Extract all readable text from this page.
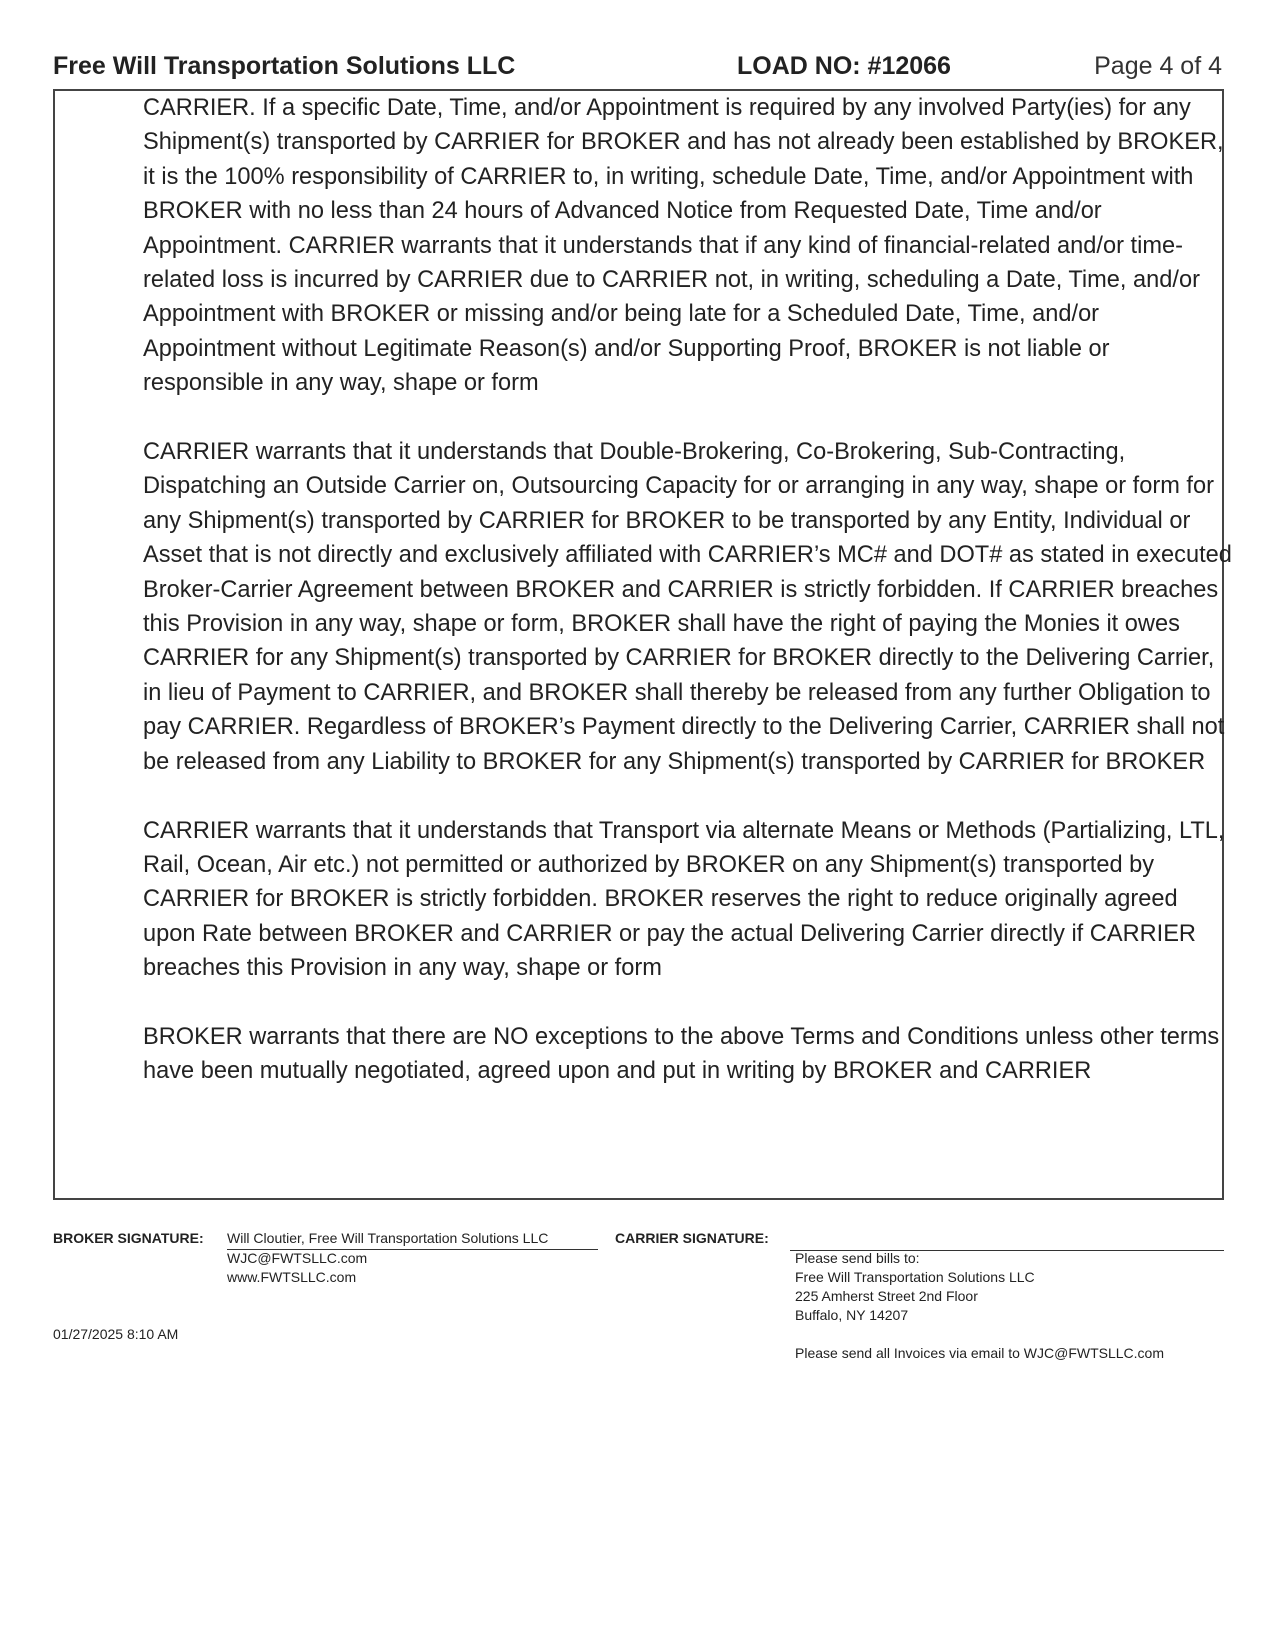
Free Will Transportation Solutions LLC	LOAD NO: #12066	Page 4 of 4

CARRIER. If a specific Date, Time, and/or Appointment is required by any involved Party(ies) for any Shipment(s) transported by CARRIER for BROKER and has not already been established by BROKER, it is the 100% responsibility of CARRIER to, in writing, schedule Date, Time, and/or Appointment with BROKER with no less than 24 hours of Advanced Notice from Requested Date, Time and/or Appointment. CARRIER warrants that it understands that if any kind of financial-related and/or time-related loss is incurred by CARRIER due to CARRIER not, in writing, scheduling a Date, Time, and/or Appointment with BROKER or missing and/or being late for a Scheduled Date, Time, and/or Appointment without Legitimate Reason(s) and/or Supporting Proof, BROKER is not liable or responsible in any way, shape or form

CARRIER warrants that it understands that Double-Brokering, Co-Brokering, Sub-Contracting, Dispatching an Outside Carrier on, Outsourcing Capacity for or arranging in any way, shape or form for any Shipment(s) transported by CARRIER for BROKER to be transported by any Entity, Individual or Asset that is not directly and exclusively affiliated with CARRIER’s MC# and DOT# as stated in executed Broker-Carrier Agreement between BROKER and CARRIER is strictly forbidden. If CARRIER breaches this Provision in any way, shape or form, BROKER shall have the right of paying the Monies it owes CARRIER for any Shipment(s) transported by CARRIER for BROKER directly to the Delivering Carrier, in lieu of Payment to CARRIER, and BROKER shall thereby be released from any further Obligation to pay CARRIER. Regardless of BROKER’s Payment directly to the Delivering Carrier, CARRIER shall not be released from any Liability to BROKER for any Shipment(s) transported by CARRIER for BROKER

CARRIER warrants that it understands that Transport via alternate Means or Methods (Partializing, LTL, Rail, Ocean, Air etc.) not permitted or authorized by BROKER on any Shipment(s) transported by CARRIER for BROKER is strictly forbidden. BROKER reserves the right to reduce originally agreed upon Rate between BROKER and CARRIER or pay the actual Delivering Carrier directly if CARRIER breaches this Provision in any way, shape or form

BROKER warrants that there are NO exceptions to the above Terms and Conditions unless other terms have been mutually negotiated, agreed upon and put in writing by BROKER and CARRIER

BROKER SIGNATURE: Will Cloutier, Free Will Transportation Solutions LLC
WJC@FWTSLLC.com
www.FWTSLLC.com
CARRIER SIGNATURE:
Please send bills to:
Free Will Transportation Solutions LLC
225 Amherst Street 2nd Floor
Buffalo, NY 14207
Please send all Invoices via email to WJC@FWTSLLC.com
01/27/2025 8:10 AM
